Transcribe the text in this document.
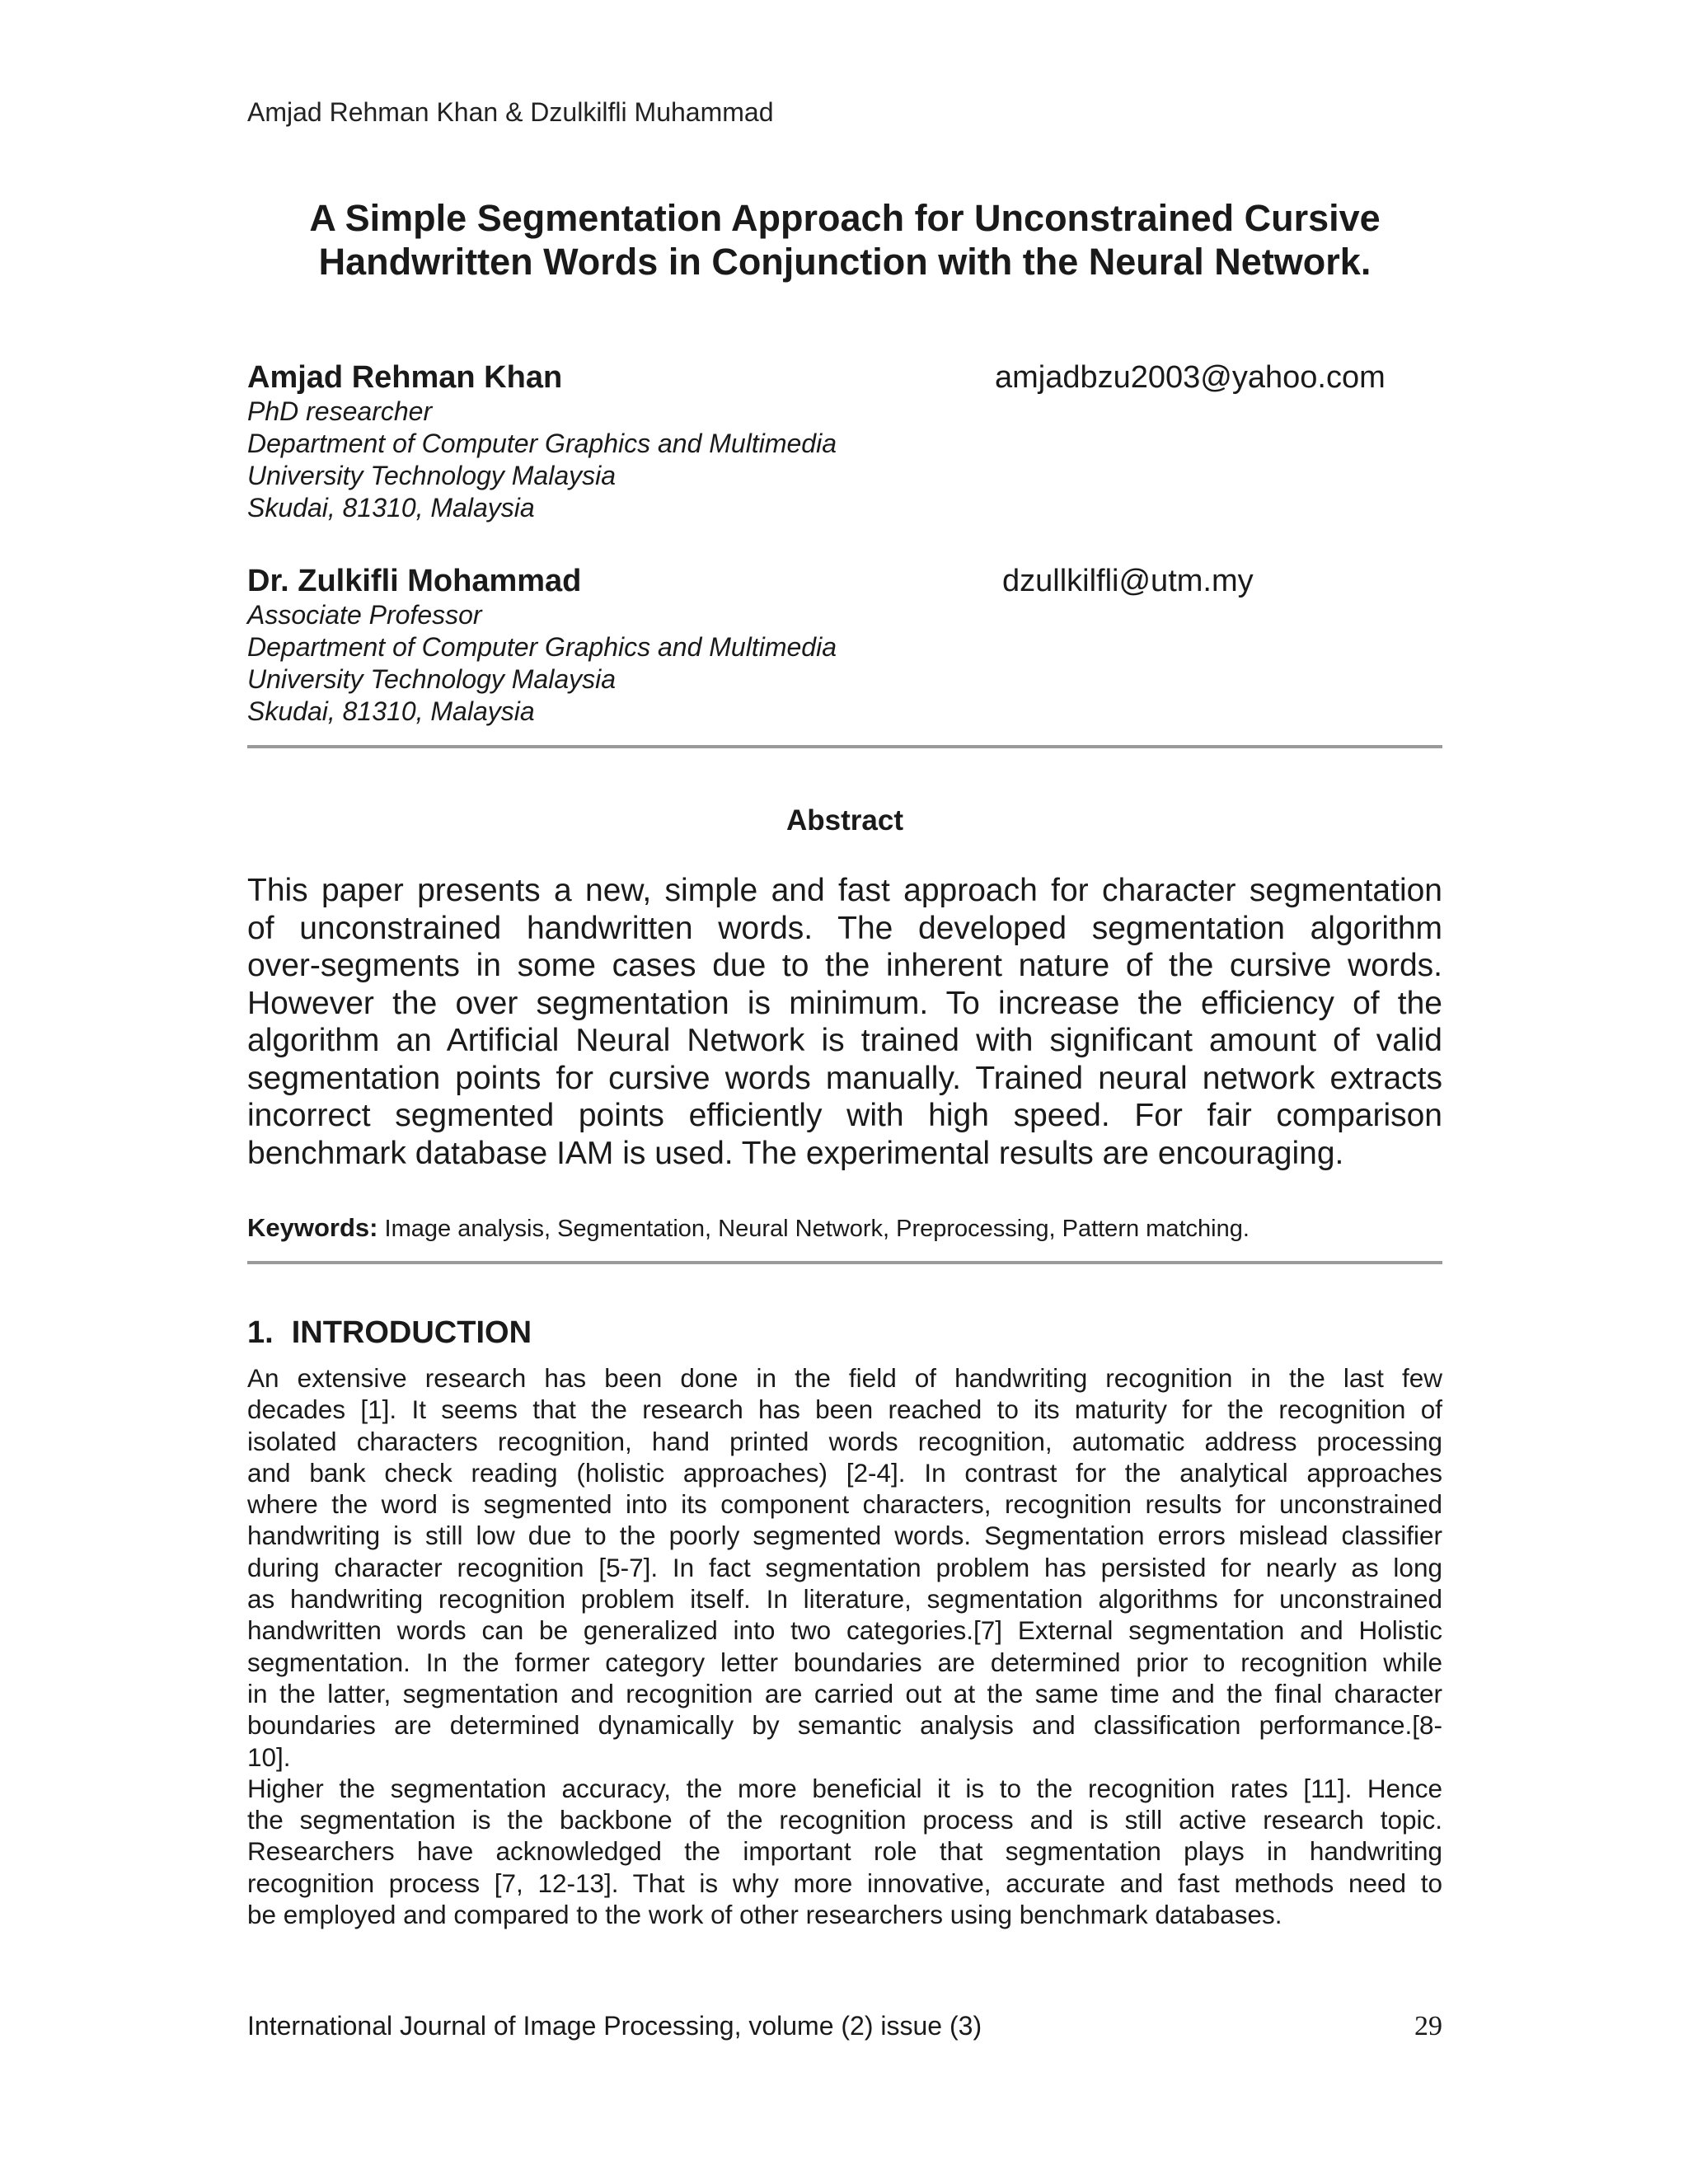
Amjad Rehman Khan & Dzulkilfli Muhammad
A Simple Segmentation Approach for Unconstrained Cursive
Handwritten Words in Conjunction with the Neural Network.
Amjad Rehman Khan	amjadbzu2003@yahoo.com
PhD researcher
Department of Computer Graphics and Multimedia
University Technology Malaysia
Skudai, 81310, Malaysia
Dr. Zulkifli Mohammad	dzullkilfli@utm.my
Associate Professor
Department of Computer Graphics and Multimedia
University Technology Malaysia
Skudai, 81310, Malaysia
Abstract
This paper presents a new, simple and fast approach for character segmentation
of unconstrained handwritten words. The developed segmentation algorithm
over-segments in some cases due to the inherent nature of the cursive words.
However the over segmentation is minimum. To increase the efficiency of the
algorithm an Artificial Neural Network is trained with significant amount of valid
segmentation points for cursive words manually. Trained neural network extracts
incorrect segmented points efficiently with high speed. For fair comparison
benchmark database IAM is used. The experimental results are encouraging.
Keywords: Image analysis, Segmentation, Neural Network, Preprocessing, Pattern matching.
1. INTRODUCTION
An extensive research has been done in the field of handwriting recognition in the last few
decades [1]. It seems that the research has been reached to its maturity for the recognition of
isolated characters recognition, hand printed words recognition, automatic address processing
and bank check reading (holistic approaches) [2-4]. In contrast for the analytical approaches
where the word is segmented into its component characters, recognition results for unconstrained
handwriting is still low due to the poorly segmented words. Segmentation errors mislead classifier
during character recognition [5-7]. In fact segmentation problem has persisted for nearly as long
as handwriting recognition problem itself. In literature, segmentation algorithms for unconstrained
handwritten words can be generalized into two categories.[7] External segmentation and Holistic
segmentation. In the former category letter boundaries are determined prior to recognition while
in the latter, segmentation and recognition are carried out at the same time and the final character
boundaries are determined dynamically by semantic analysis and classification performance.[8-
10].
Higher the segmentation accuracy, the more beneficial it is to the recognition rates [11]. Hence
the segmentation is the backbone of the recognition process and is still active research topic.
Researchers have acknowledged the important role that segmentation plays in handwriting
recognition process [7, 12-13]. That is why more innovative, accurate and fast methods need to
be employed and compared to the work of other researchers using benchmark databases.
International Journal of Image Processing, volume (2) issue (3)	29
